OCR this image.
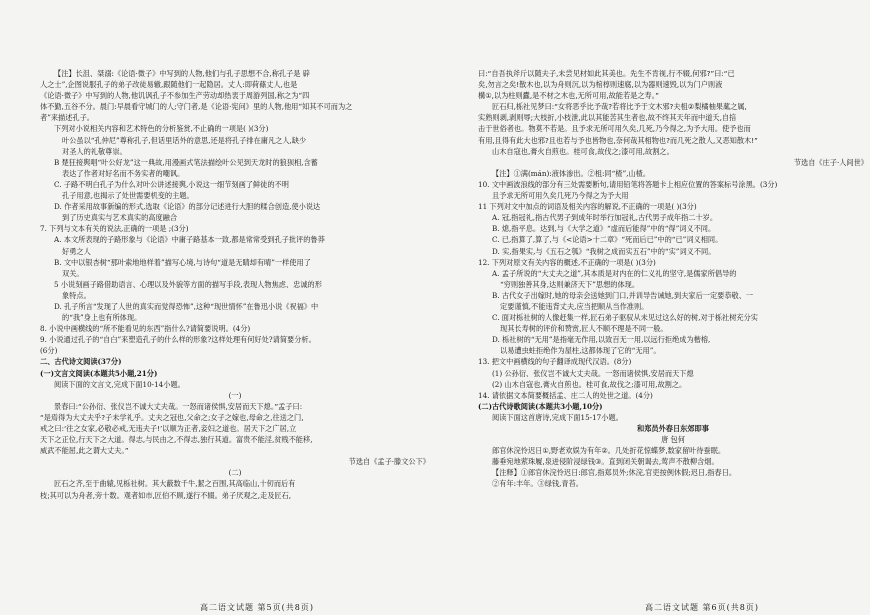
【注】长沮、桀溺:《论语·微子》中写到的人物,他们与孔子思想不合,称孔子是 辟

人之士”,企图说服孔子的弟子改徒易辙,跟随他们一起隐居。丈人:即荷蓧丈人,也是

《论语·微子》中写到的人物,他讥讽孔子不参加生产劳动却热衷于周游列国,称之为“四

体不勤,五谷不分。晨门:早晨看守城门的人;守门者,是《论语·宪问》里的人物,他用“知其不可而为之

者”来描述孔子。

下列对小说相关内容和艺术特色的分析鉴赏,不止确的一项是( )(3分)

叶公虽以“孔仲尼”尊称孔子,但话里话外的意思,还是将孔子排在庸凡之人,缺少

对圣人的礼敬尊崇。

B 楚狂接舆唱“叶公好龙”这一典故,用漫画式笔法描绘叶公见到天龙时的狼狈相,含蓄

表达了作者对好名而不务实者的嘲讽。

C. 子路不明白孔子为什么对叶公讲述接舆,小说这一细节刻画了鲜徒的不明

孔子用意,也揭示了处世需要机变的主题。

D. 作者采用故事新编的形式,选取《论语》的部分记述进行大胆的糅合创造,使小说达

到了历史真实与艺术真实的高度融合

7. 下列与文本有关的说法,正确的一项是 ;(3分)

A. 本文所表现的子路形象与《论语》中庸子路基本一致,都是常常受到孔子批评的鲁莽

好勇之人

B. 文中以银杏树“那叶索地地样着”描写心境,与诗句“道是无睛却有晴”一样使用了

双关。

5 小说刻画子路借助语言、心理以及外貌等方面的描写手段,表现人物焦虑、忠诚的形

象特点。

D. 孔子所言“发现了人世的真实而觉得恐怖”,这种“现世情怀”在鲁迅小说《祝福》中

的“我”身上也有所体现。

8. 小说中画横线的“所不能看见的东西”指什么?请简要说明。(4分)

9. 小说通过孔子的“自白”来塑造孔子的什么样的形象?这样处理有何好处?请简要分析。

(6分)

二、古代诗文阅读(37分)

(一)文言文阅读(本题共5小题,21分)

阅读下面的文言文,完成下面10-14小题。

(一)

景春曰:“公孙衍、张仪岂不诚大丈夫哉。一怒而诸侯惧,安居而天下熄。”孟子曰:

“是焉得为大丈夫乎?子未学礼乎。丈夫之冠也,父命之;女子之嫁也,母命之,往送之门,

戒之曰:‘往之女家,必敬必戒,无违夫子!’以顺为正者,妾妇之道也。居天下之广居,立

天下之正位,行天下之大道。得志,与民由之,不得志,独行其道。富贵不能淫,贫贱不能移,

威武不能屈,此之谓大丈夫。”

节选自《孟子·滕文公下》

(二)

匠石之齐,至于曲辕,见栎社树。其大蔽数千牛,絜之百围,其高临山,十仞而后有

枝;其可以为舟者,旁十数。观者如市,匠伯不顾,遂行不辍。弟子厌观之,走及匠石,

曰:“自吾执斧斤以随夫子,未尝见材如此其美也。先生不肯视,行不辍,何邪?”曰:“已

矣,勿言之矣!散木也,以为舟则沉,以为棺椁则速腐,以为器则速毁,以为门户则液

構①,以为柱则蠹,是不材之木也,无所可用,故能若是之寿。”

匠石归,栎社见梦曰:“女将恶乎比予哉?若将比予于文木邪?夫柤②梨橘柚果蓏之属,

实熟则剥,剥则辱;大枝折,小枝泄,此以其能苦其生者也,故不终其天年而中道夭,自掊

击于世俗者也。物莫不若是。且予求无所可用久矣,几死,乃今得之,为予大用。使予也而

有用,且得有此大也邪?且也若与予也皆物也,奈何哉其相物也?而几死之散人,又恶知散木!”

山木自寇也,膏火自煎也。桂可食,故伐之;漆可用,故割之。

节选自《庄子·人间世》

【注】①满(mán):液体渗出。②柤:同“楂”,山楂。

10. 文中画波浪线的部分有三处需要断句,请用铅笔将答题卡上相应位置的答案标号涂黑。(3分)

且予求无所可用久矣几死乃今得之为予大用

11 下列对文中加点的词语及相关内容的解说,不正确的一项是( )(3分)

A. 冠,指冠礼,指古代男子到成年时举行加冠礼,古代男子成年指二十岁。

B. 熄,指平息。达到,与《大学之道》“虚而后能得”中的“得”词义不同。

C. 已,指算了,算了,与《<论语>十二章》“死而后已”中的“已”词义相同。

D. 实,指果实,与《五石之瓠》“我树之成而实五石”中的“实”词义不同。

12. 下列对原文有关内容的概述,不正确的一项是( )(3分)

A. 孟子所说的“大丈夫之道”,其本质是对内在的仁义礼的坚守,是儒家所倡导的

“穷则独善其身,达则兼济天下”思想的体现。

B. 古代女子出嫁时,她的母亲会送她到门口,并训导告诫她,到夫家后一定要恭敬、一

定要谨慎,不能违背丈夫,应当把顺从当作准则。

C. 面对栎社树的人像赶集一样,匠石弟子驱驭从未见过这么好的树,对于栎社树充分实

现其长寿树的评价和赞赏,匠人不顺不理是不同一般。

D. 栎社树的“无用”是指毫无作用,以致百无一用,以远行拒绝成为楷榕,

以易遭虫蛀拒绝作为屋柱,这都体现了它的“无用”。

13. 把文中画横线的句子翻译成现代汉语。(8分)

(1) 公孙衍、张仪岂不诚大丈夫哉。一怒而诸侯惧,安居而天下熄

(2) 山木自寇也,膏火自煎也。桂可食,故伐之;漆可用,故割之。

14. 请依据文本简要概括孟、庄二人的处世之道。(4分)

(二)古代诗歌阅读(本题共3小题,10分)

阅读下面这首唐诗,完成下面15-17小题。

和郑员外春日东郊即事

唐 包何

郎官休浣怜迟日①,野老欢娱为有年②。几处折花惊蝶梦,数家留叶待蚕眠。

藤垂宛地萦珠履,泉迸侵阶浸绿钱③。直到闭关朝谒去,莺声不散柳含烟。

【注释】①郎官休浣怜迟日:郎官,指郑员外;休浣,官吏按例休假;迟日,指春日。

②有年:丰年。③绿钱,青苔。

高二语文试题 第5页(共8页)	高二语文试题 第6页(共8页)
